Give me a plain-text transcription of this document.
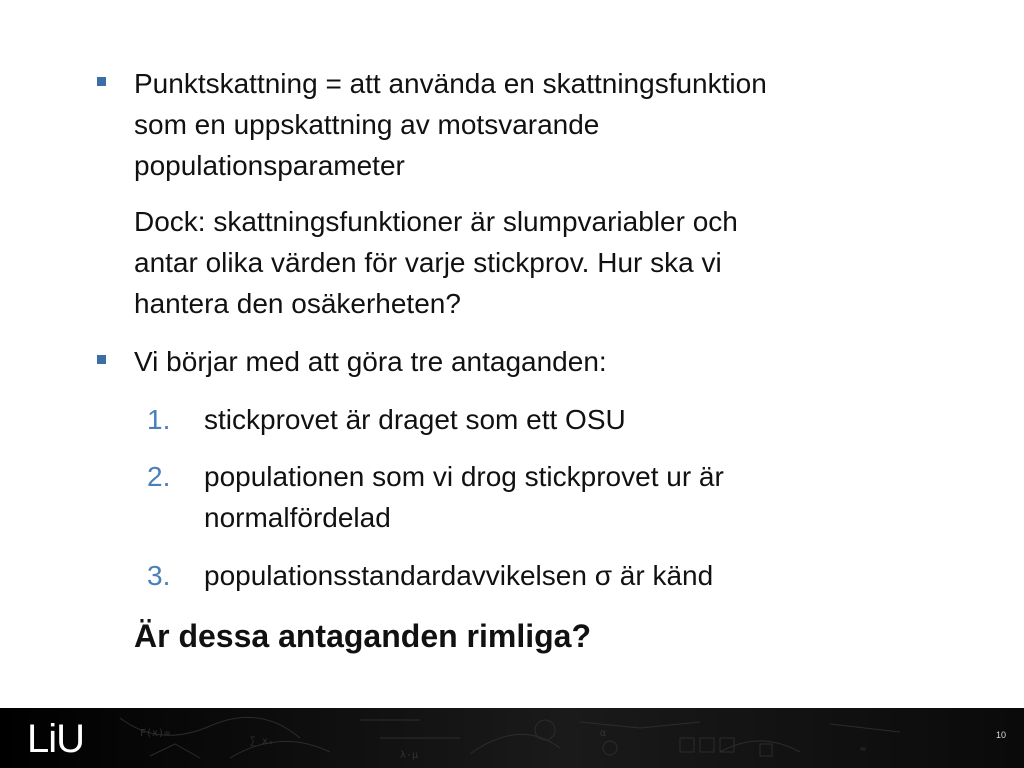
Punktskattning = att använda en skattningsfunktion
som en uppskattning av motsvarande
populationsparameter
Dock: skattningsfunktioner är slumpvariabler och
antar olika värden för varje stickprov. Hur ska vi
hantera den osäkerheten?
Vi börjar med att göra tre antaganden:
1. stickprovet är draget som ett OSU
2. populationen som vi drog stickprovet ur är
normalfördelad
3. populationsstandardavvikelsen σ är känd
Är dessa antaganden rimliga?
F(x)=
∑ xᵢ
λ·μ
α
≈
LiU	10
